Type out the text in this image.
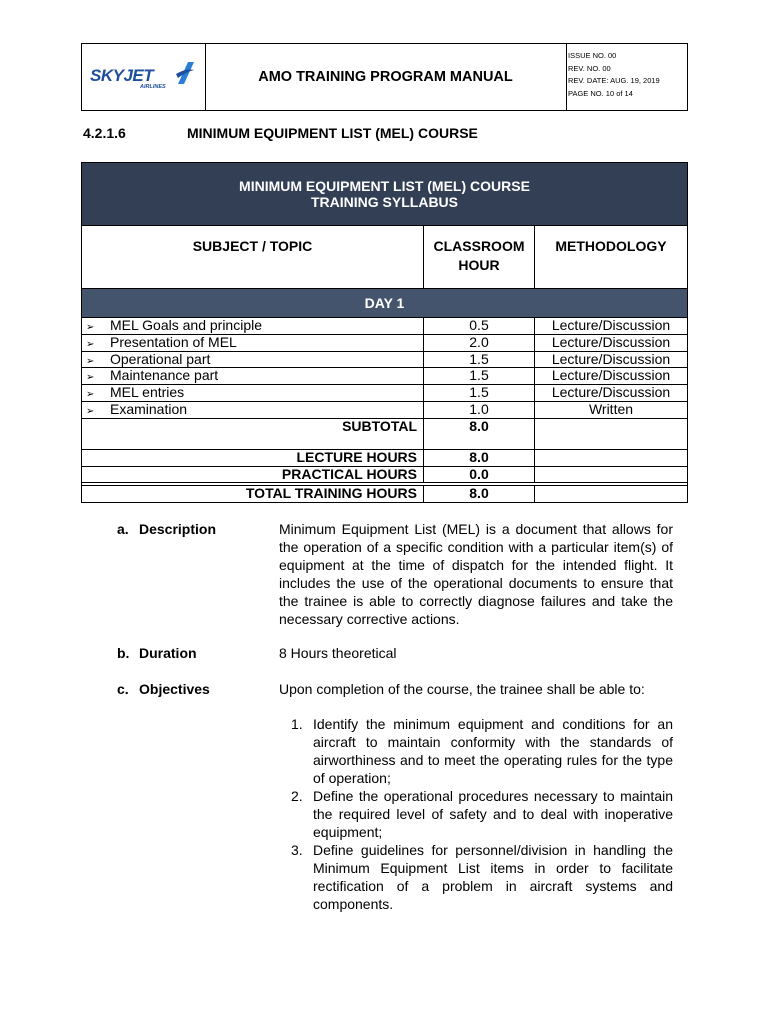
SKYJET
AIRLINES
AMO TRAINING PROGRAM MANUAL
ISSUE NO. 00
REV. NO. 00
REV. DATE: AUG. 19, 2019
PAGE NO. 10 of 14
4.2.1.6	MINIMUM EQUIPMENT LIST (MEL) COURSE
MINIMUM EQUIPMENT LIST (MEL) COURSE
TRAINING SYLLABUS
SUBJECT / TOPIC	CLASSROOM
HOUR
METHODOLOGY
DAY 1
➢ MEL Goals and principle	0.5	Lecture/Discussion
➢ Presentation of MEL	2.0	Lecture/Discussion
➢ Operational part	1.5	Lecture/Discussion
➢ Maintenance part	1.5	Lecture/Discussion
➢ MEL entries	1.5	Lecture/Discussion
➢ Examination	1.0	Written
SUBTOTAL	8.0
LECTURE HOURS	8.0
PRACTICAL HOURS	0.0
TOTAL TRAINING HOURS	8.0
a. Description	Minimum Equipment List (MEL) is a document that allows for the operation of a specific condition with a particular item(s) of equipment at the time of dispatch for the intended flight. It includes the use of the operational documents to ensure that the trainee is able to correctly diagnose failures and take the necessary corrective actions.
b. Duration	8 Hours theoretical
c. Objectives	Upon completion of the course, the trainee shall be able to:
1. Identify the minimum equipment and conditions for an aircraft to maintain conformity with the standards of airworthiness and to meet the operating rules for the type of operation;
2. Define the operational procedures necessary to maintain the required level of safety and to deal with inoperative equipment;
3. Define guidelines for personnel/division in handling the Minimum Equipment List items in order to facilitate rectification of a problem in aircraft systems and components.
